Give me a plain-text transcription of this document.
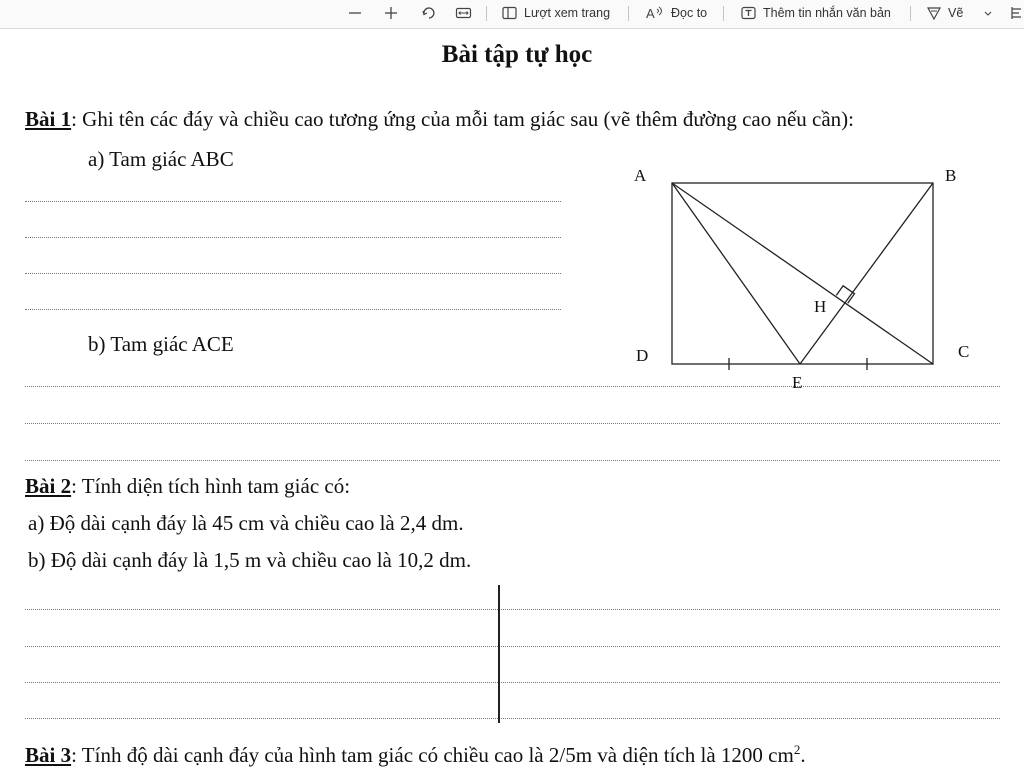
Lượt xem trang	A Đọc to	Thêm tin nhắn văn bản	Vẽ
Bài tập tự học
Bài 1: Ghi tên các đáy và chiều cao tương ứng của mỗi tam giác sau (vẽ thêm đường cao nếu cần):
a) Tam giác ABC
b) Tam giác ACE
A	B
C
D
E
H
Bài 2: Tính diện tích hình tam giác có:
a) Độ dài cạnh đáy là 45 cm và chiều cao là 2,4 dm.
b) Độ dài cạnh đáy là 1,5 m và chiều cao là 10,2 dm.
Bài 3: Tính độ dài cạnh đáy của hình tam giác có chiều cao là 2/5m và diện tích là 1200 $cm^2$.
